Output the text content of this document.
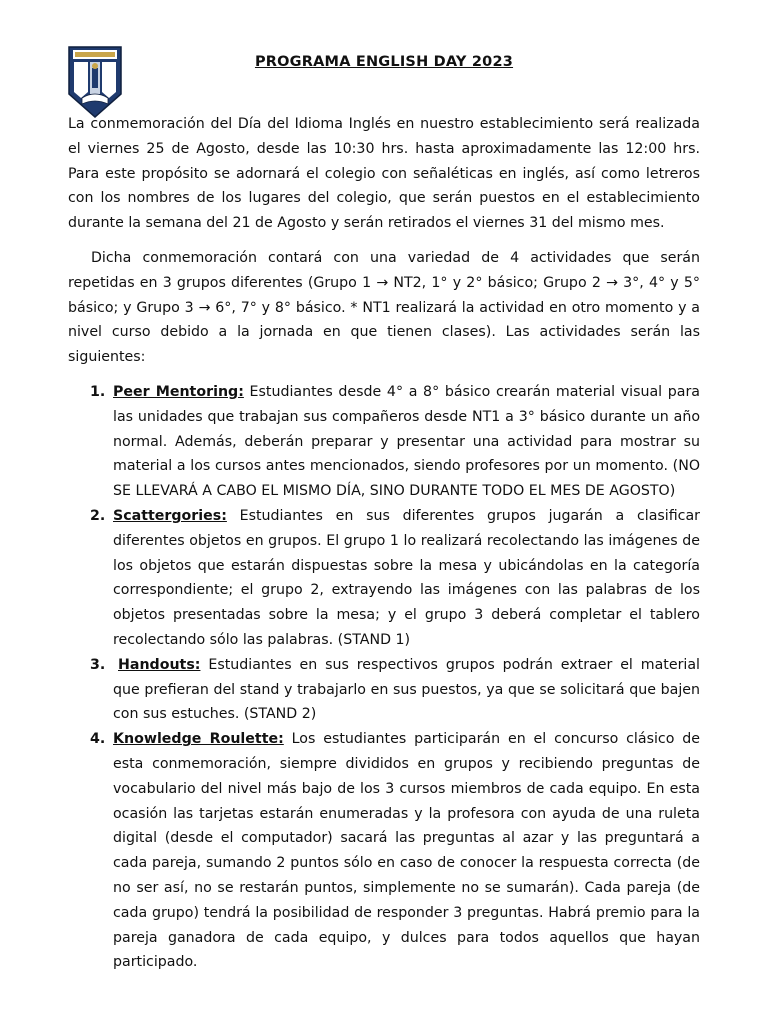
PROGRAMA ENGLISH DAY 2023

La conmemoración del Día del Idioma Inglés en nuestro establecimiento será realizada el viernes 25 de Agosto, desde las 10:30 hrs. hasta aproximadamente las 12:00 hrs. Para este propósito se adornará el colegio con señaléticas en inglés, así como letreros con los nombres de los lugares del colegio, que serán puestos en el establecimiento durante la semana del 21 de Agosto y serán retirados el viernes 31 del mismo mes.

Dicha conmemoración contará con una variedad de 4 actividades que serán repetidas en 3 grupos diferentes (Grupo 1 → NT2, 1° y 2° básico; Grupo 2 → 3°, 4° y 5° básico; y Grupo 3 → 6°, 7° y 8° básico. * NT1 realizará la actividad en otro momento y a nivel curso debido a la jornada en que tienen clases). Las actividades serán las siguientes:

1. Peer Mentoring: Estudiantes desde 4° a 8° básico crearán material visual para las unidades que trabajan sus compañeros desde NT1 a 3° básico durante un año normal. Además, deberán preparar y presentar una actividad para mostrar su material a los cursos antes mencionados, siendo profesores por un momento. (NO SE LLEVARÁ A CABO EL MISMO DÍA, SINO DURANTE TODO EL MES DE AGOSTO)
2. Scattergories: Estudiantes en sus diferentes grupos jugarán a clasificar diferentes objetos en grupos. El grupo 1 lo realizará recolectando las imágenes de los objetos que estarán dispuestas sobre la mesa y ubicándolas en la categoría correspondiente; el grupo 2, extrayendo las imágenes con las palabras de los objetos presentadas sobre la mesa; y el grupo 3 deberá completar el tablero recolectando sólo las palabras. (STAND 1)
3. Handouts: Estudiantes en sus respectivos grupos podrán extraer el material que prefieran del stand y trabajarlo en sus puestos, ya que se solicitará que bajen con sus estuches. (STAND 2)
4. Knowledge Roulette: Los estudiantes participarán en el concurso clásico de esta conmemoración, siempre divididos en grupos y recibiendo preguntas de vocabulario del nivel más bajo de los 3 cursos miembros de cada equipo. En esta ocasión las tarjetas estarán enumeradas y la profesora con ayuda de una ruleta digital (desde el computador) sacará las preguntas al azar y las preguntará a cada pareja, sumando 2 puntos sólo en caso de conocer la respuesta correcta (de no ser así, no se restarán puntos, simplemente no se sumarán). Cada pareja (de cada grupo) tendrá la posibilidad de responder 3 preguntas. Habrá premio para la pareja ganadora de cada equipo, y dulces para todos aquellos que hayan participado.
